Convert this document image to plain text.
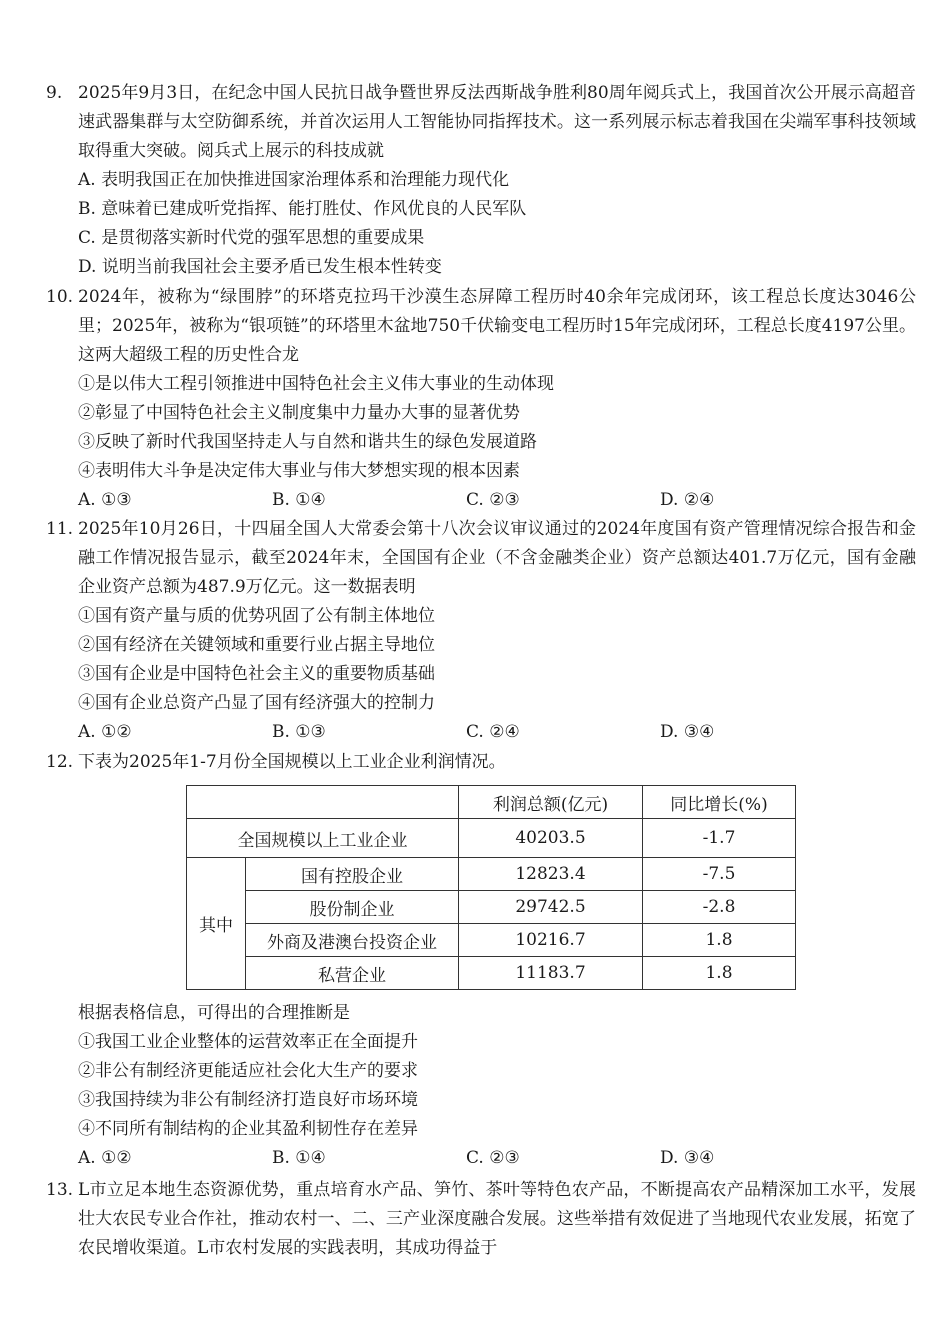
9. 2025年9月3日，在纪念中国人民抗日战争暨世界反法西斯战争胜利80周年阅兵式上，我国首次公开展示高超音速武器集群与太空防御系统，并首次运用人工智能协同指挥技术。这一系列展示标志着我国在尖端军事科技领域取得重大突破。阅兵式上展示的科技成就

A. 表明我国正在加快推进国家治理体系和治理能力现代化

B. 意味着已建成听党指挥、能打胜仗、作风优良的人民军队

C. 是贯彻落实新时代党的强军思想的重要成果

D. 说明当前我国社会主要矛盾已发生根本性转变

10. 2024年，被称为“绿围脖”的环塔克拉玛干沙漠生态屏障工程历时40余年完成闭环，该工程总长度达3046公里；2025年，被称为“银项链”的环塔里木盆地750千伏输变电工程历时15年完成闭环，工程总长度4197公里。这两大超级工程的历史性合龙

①是以伟大工程引领推进中国特色社会主义伟大事业的生动体现

②彰显了中国特色社会主义制度集中力量办大事的显著优势

③反映了新时代我国坚持走人与自然和谐共生的绿色发展道路

④表明伟大斗争是决定伟大事业与伟大梦想实现的根本因素

A. ①③	B. ①④	C. ②③	D. ②④

11. 2025年10月26日，十四届全国人大常委会第十八次会议审议通过的2024年度国有资产管理情况综合报告和金融工作情况报告显示，截至2024年末，全国国有企业（不含金融类企业）资产总额达401.7万亿元，国有金融企业资产总额为487.9万亿元。这一数据表明

①国有资产量与质的优势巩固了公有制主体地位

②国有经济在关键领域和重要行业占据主导地位

③国有企业是中国特色社会主义的重要物质基础

④国有企业总资产凸显了国有经济强大的控制力

A. ①②	B. ①③	C. ②④	D. ③④

12. 下表为2025年1-7月份全国规模以上工业企业利润情况。

		利润总额(亿元)	同比增长(%)
全国规模以上工业企业		40203.5	-1.7
其中	国有控股企业	12823.4	-7.5
	股份制企业	29742.5	-2.8
	外商及港澳台投资企业	10216.7	1.8
	私营企业	11183.7	1.8

根据表格信息，可得出的合理推断是

①我国工业企业整体的运营效率正在全面提升

②非公有制经济更能适应社会化大生产的要求

③我国持续为非公有制经济打造良好市场环境

④不同所有制结构的企业其盈利韧性存在差异

A. ①②	B. ①④	C. ②③	D. ③④

13. L市立足本地生态资源优势，重点培育水产品、笋竹、茶叶等特色农产品，不断提高农产品精深加工水平，发展壮大农民专业合作社，推动农村一、二、三产业深度融合发展。这些举措有效促进了当地现代农业发展，拓宽了农民增收渠道。L市农村发展的实践表明，其成功得益于
